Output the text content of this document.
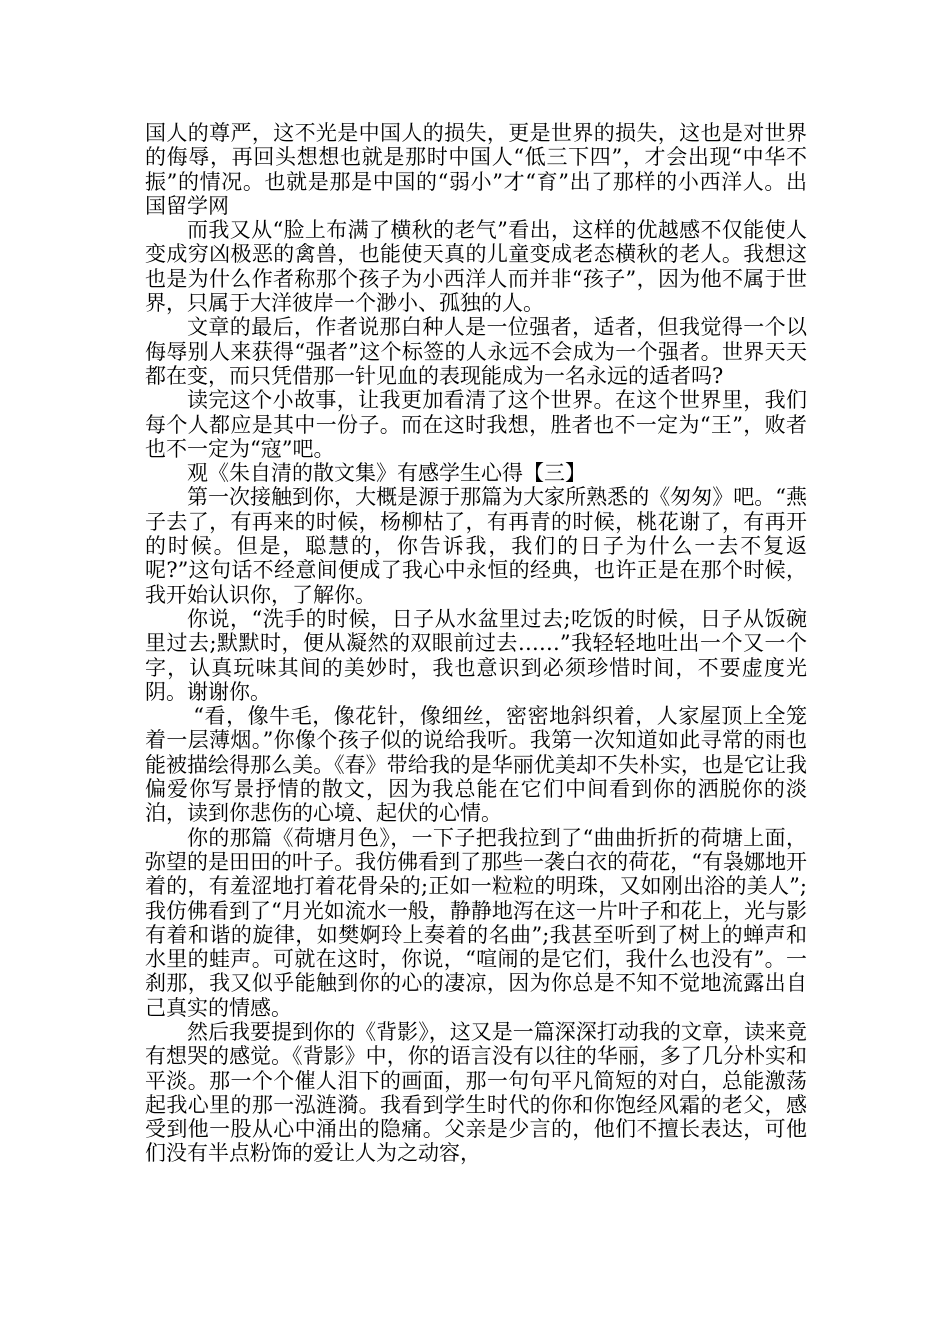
国人的尊严，这不光是中国人的损失，更是世界的损失，这也是对世界的侮辱，再回头想想也就是那时中国人“低三下四”，才会出现“中华不振”的情况。也就是那是中国的“弱小”才“育”出了那样的小西洋人。出国留学网

而我又从“脸上布满了横秋的老气”看出，这样的优越感不仅能使人变成穷凶极恶的禽兽，也能使天真的儿童变成老态横秋的老人。我想这也是为什么作者称那个孩子为小西洋人而并非“孩子”，因为他不属于世界，只属于大洋彼岸一个渺小、孤独的人。

文章的最后，作者说那白种人是一位强者，适者，但我觉得一个以侮辱别人来获得“强者”这个标签的人永远不会成为一个强者。世界天天都在变，而只凭借那一针见血的表现能成为一名永远的适者吗?

读完这个小故事，让我更加看清了这个世界。在这个世界里，我们每个人都应是其中一份子。而在这时我想，胜者也不一定为“王”，败者也不一定为“寇”吧。

观《朱自清的散文集》有感学生心得【三】

第一次接触到你，大概是源于那篇为大家所熟悉的《匆匆》吧。“燕子去了，有再来的时候，杨柳枯了，有再青的时候，桃花谢了，有再开的时候。但是，聪慧的，你告诉我，我们的日子为什么一去不复返呢?”这句话不经意间便成了我心中永恒的经典，也许正是在那个时候，我开始认识你，了解你。

你说，“洗手的时候，日子从水盆里过去;吃饭的时候，日子从饭碗里过去;默默时，便从凝然的双眼前过去……”我轻轻地吐出一个又一个字，认真玩味其间的美妙时，我也意识到必须珍惜时间，不要虚度光阴。谢谢你。

“看，像牛毛，像花针，像细丝，密密地斜织着，人家屋顶上全笼着一层薄烟。”你像个孩子似的说给我听。我第一次知道如此寻常的雨也能被描绘得那么美。《春》带给我的是华丽优美却不失朴实，也是它让我偏爱你写景抒情的散文，因为我总能在它们中间看到你的洒脱你的淡泊，读到你悲伤的心境、起伏的心情。

你的那篇《荷塘月色》，一下子把我拉到了“曲曲折折的荷塘上面，弥望的是田田的叶子。我仿佛看到了那些一袭白衣的荷花，“有袅娜地开着的，有羞涩地打着花骨朵的;正如一粒粒的明珠，又如刚出浴的美人”;我仿佛看到了“月光如流水一般，静静地泻在这一片叶子和花上，光与影有着和谐的旋律，如樊婀玲上奏着的名曲”;我甚至听到了树上的蝉声和水里的蛙声。可就在这时，你说，“喧闹的是它们，我什么也没有”。一刹那，我又似乎能触到你的心的凄凉，因为你总是不知不觉地流露出自己真实的情感。

然后我要提到你的《背影》，这又是一篇深深打动我的文章，读来竟有想哭的感觉。《背影》中，你的语言没有以往的华丽，多了几分朴实和平淡。那一个个催人泪下的画面，那一句句平凡简短的对白，总能激荡起我心里的那一泓涟漪。我看到学生时代的你和你饱经风霜的老父，感受到他一股从心中涌出的隐痛。父亲是少言的，他们不擅长表达，可他们没有半点粉饰的爱让人为之动容，
